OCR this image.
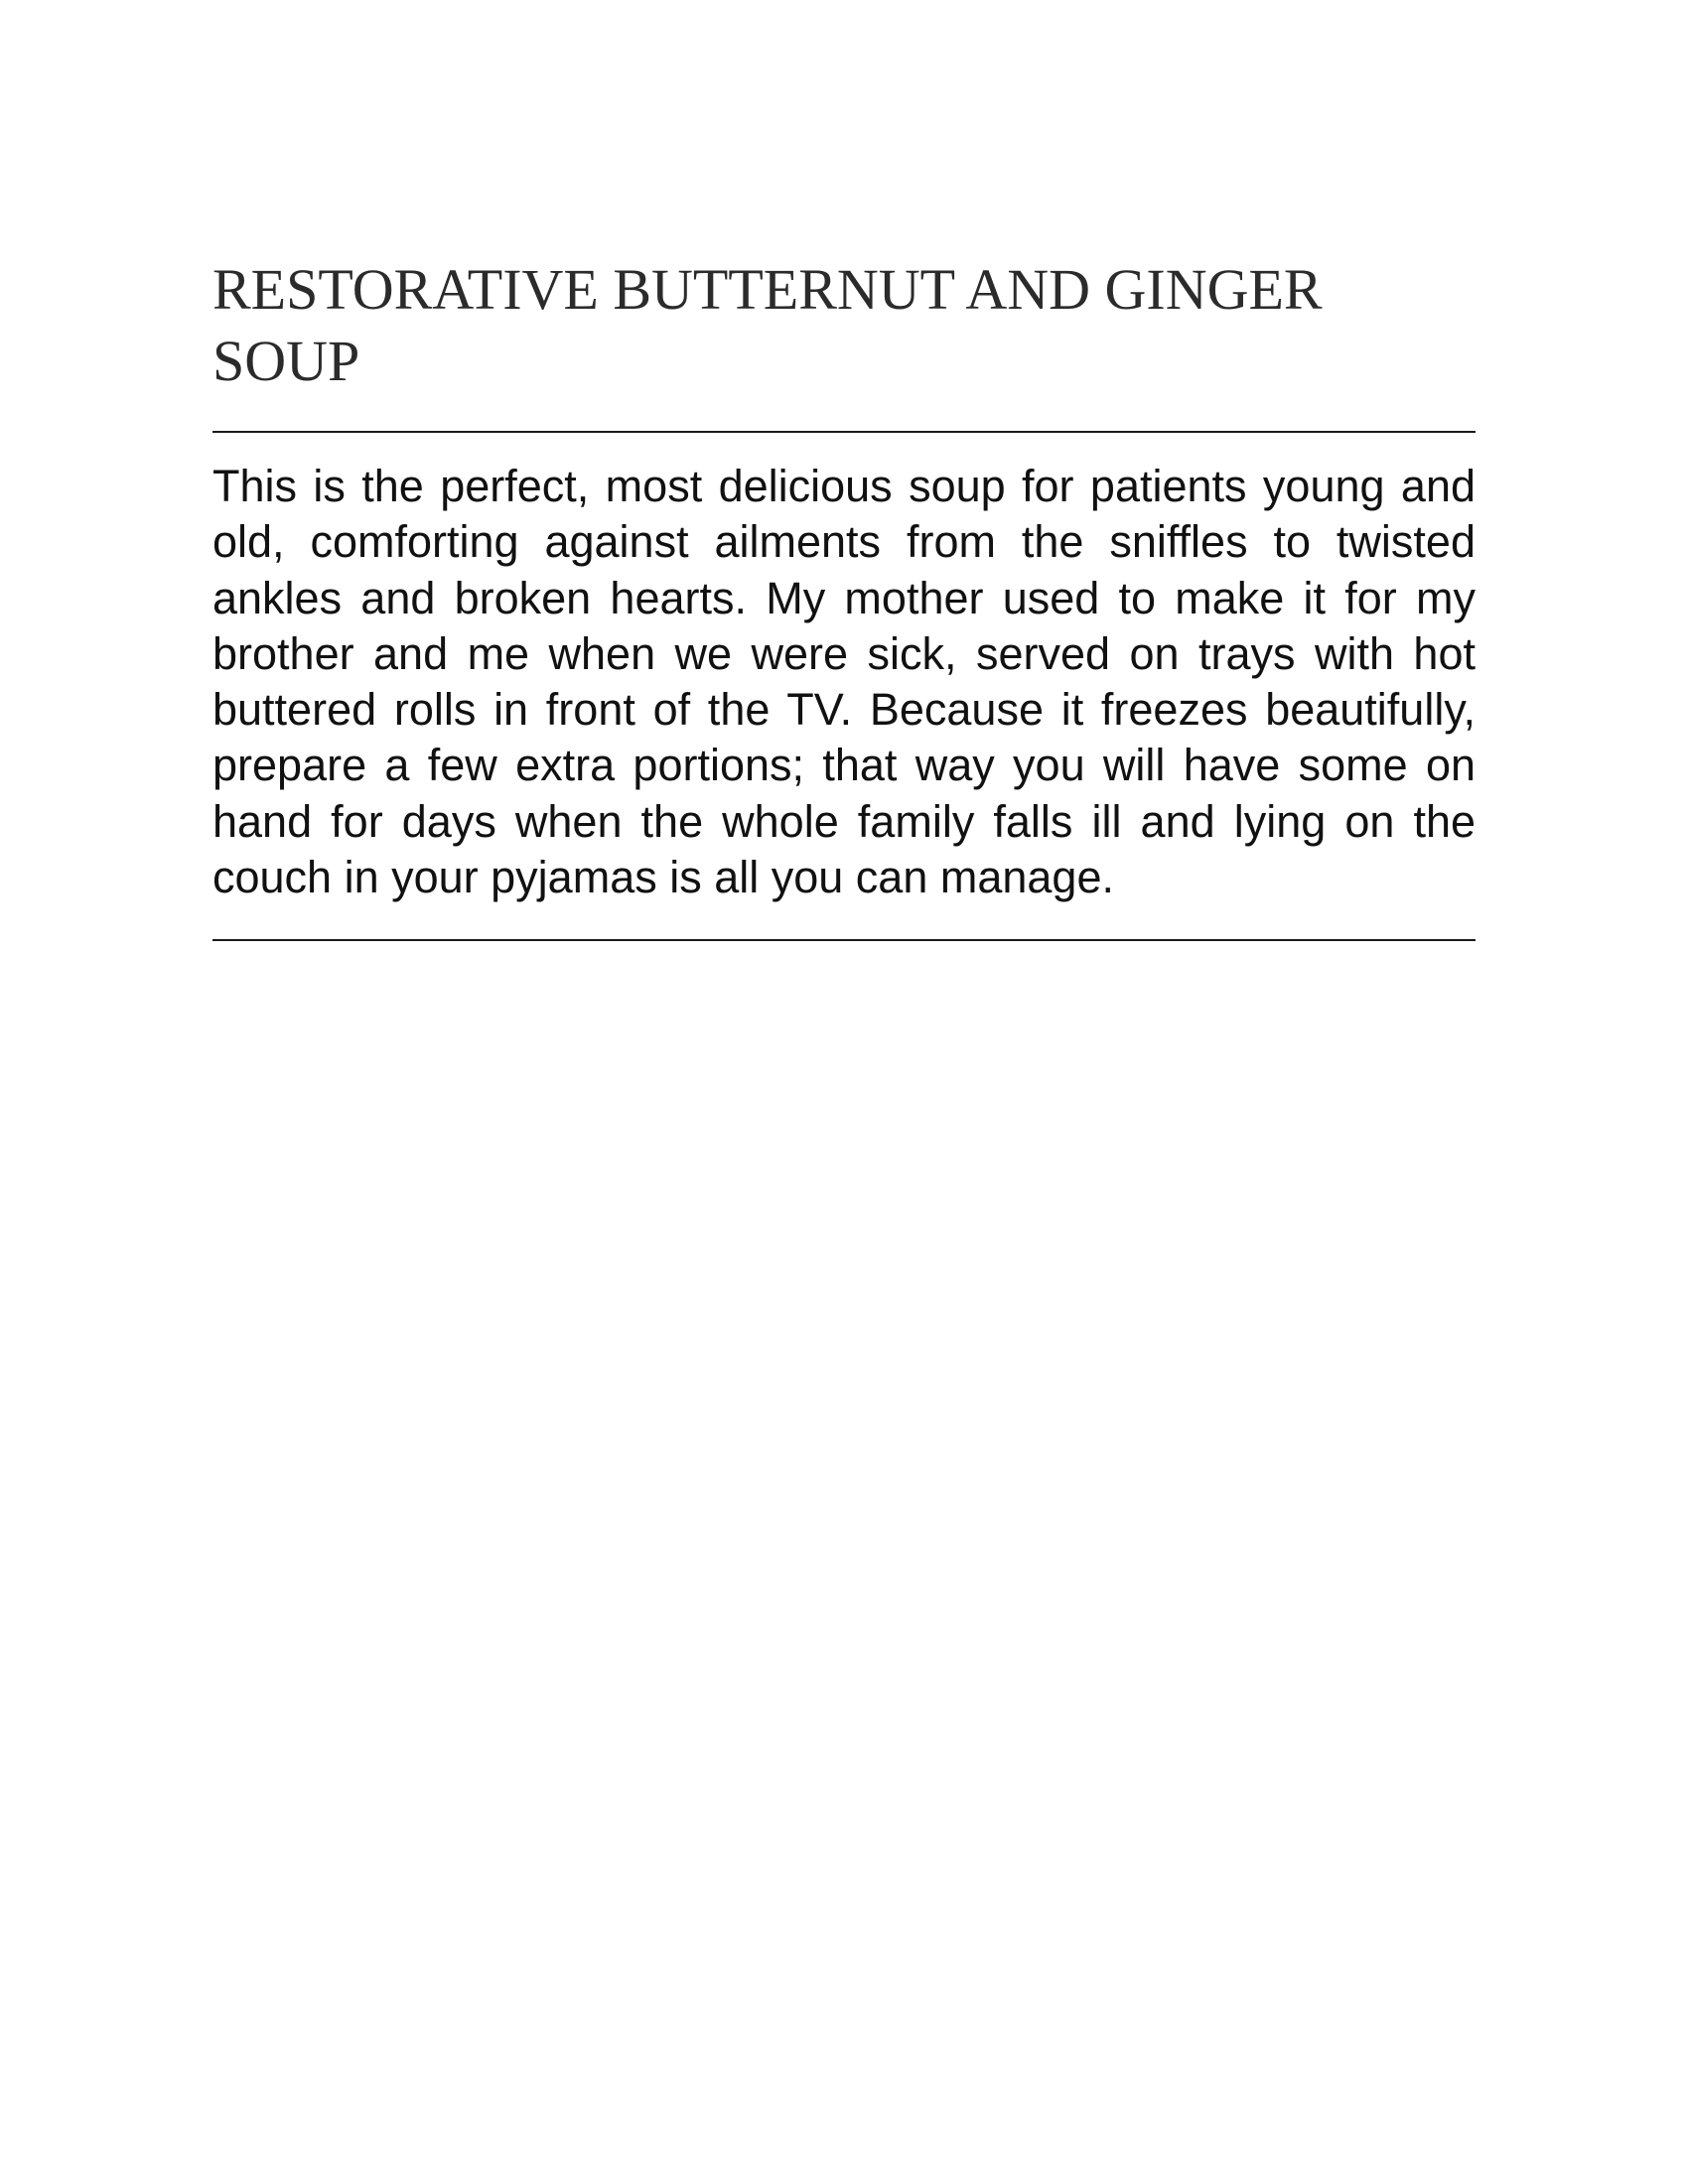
RESTORATIVE BUTTERNUT AND GINGER SOUP

This is the perfect, most delicious soup for patients young and old, comforting against ailments from the sniffles to twisted ankles and broken hearts. My mother used to make it for my brother and me when we were sick, served on trays with hot buttered rolls in front of the TV. Because it freezes beautifully, prepare a few extra portions; that way you will have some on hand for days when the whole family falls ill and lying on the couch in your pyjamas is all you can manage.
